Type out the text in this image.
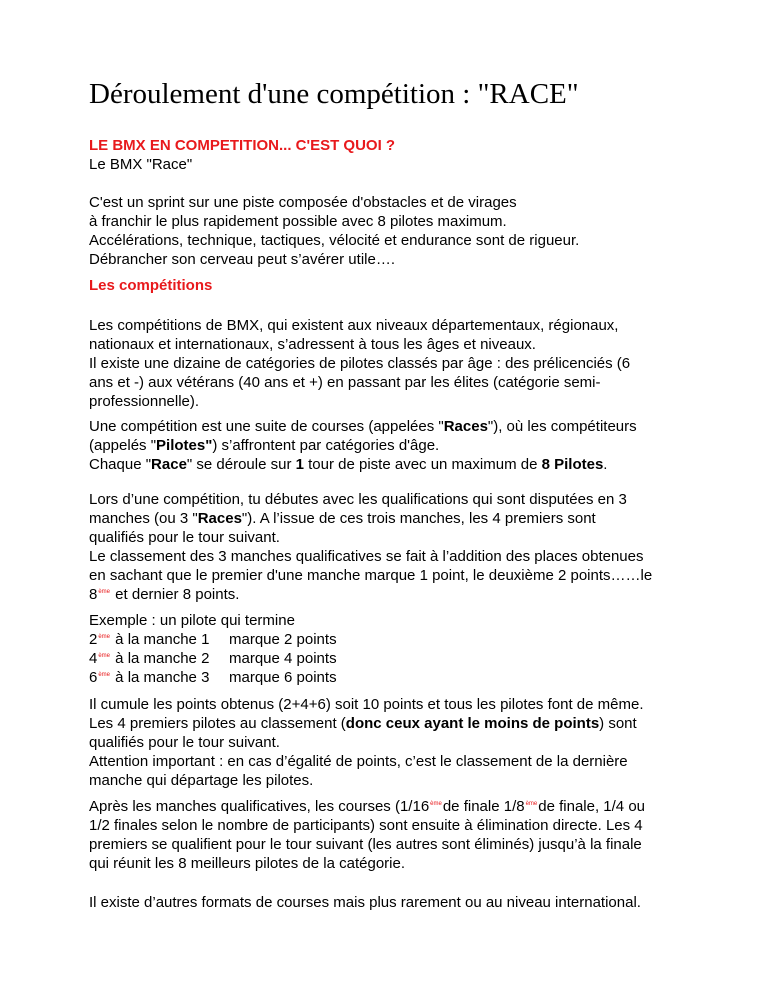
Déroulement d'une compétition : "RACE"
LE BMX EN COMPETITION... C'EST QUOI ?
Le BMX "Race"
C'est un sprint sur une piste composée d'obstacles et de virages
à franchir le plus rapidement possible avec 8 pilotes maximum.
Accélérations, technique, tactiques, vélocité et endurance sont de rigueur.
Débrancher son cerveau peut s’avérer utile….
Les compétitions
Les compétitions de BMX, qui existent aux niveaux départementaux, régionaux,
nationaux et internationaux, s’adressent à tous les âges et niveaux.
Il existe une dizaine de catégories de pilotes classés par âge : des prélicenciés (6
ans et -) aux vétérans (40 ans et +) en passant par les élites (catégorie semi-
professionnelle).
Une compétition est une suite de courses (appelées "Races"), où les compétiteurs
(appelés "Pilotes") s’affrontent par catégories d'âge.
Chaque "Race" se déroule sur 1 tour de piste avec un maximum de 8 Pilotes.
Lors d’une compétition, tu débutes avec les qualifications qui sont disputées en 3
manches (ou 3 "Races"). A l’issue de ces trois manches, les 4 premiers sont
qualifiés pour le tour suivant.
Le classement des 3 manches qualificatives se fait à l’addition des places obtenues
en sachant que le premier d'une manche marque 1 point, le deuxième 2 points……le
8ème et dernier 8 points.
Exemple : un pilote qui termine
2ème à la manche 1	marque 2 points
4ème à la manche 2	marque 4 points
6ème à la manche 3	marque 6 points
Il cumule les points obtenus (2+4+6) soit 10 points et tous les pilotes font de même.
Les 4 premiers pilotes au classement (donc ceux ayant le moins de points) sont
qualifiés pour le tour suivant.
Attention important : en cas d’égalité de points, c’est le classement de la dernière
manche qui départage les pilotes.
Après les manches qualificatives, les courses (1/16èmede finale 1/8èmede finale, 1/4 ou
1/2 finales selon le nombre de participants) sont ensuite à élimination directe. Les 4
premiers se qualifient pour le tour suivant (les autres sont éliminés) jusqu’à la finale
qui réunit les 8 meilleurs pilotes de la catégorie.
Il existe d’autres formats de courses mais plus rarement ou au niveau international.
